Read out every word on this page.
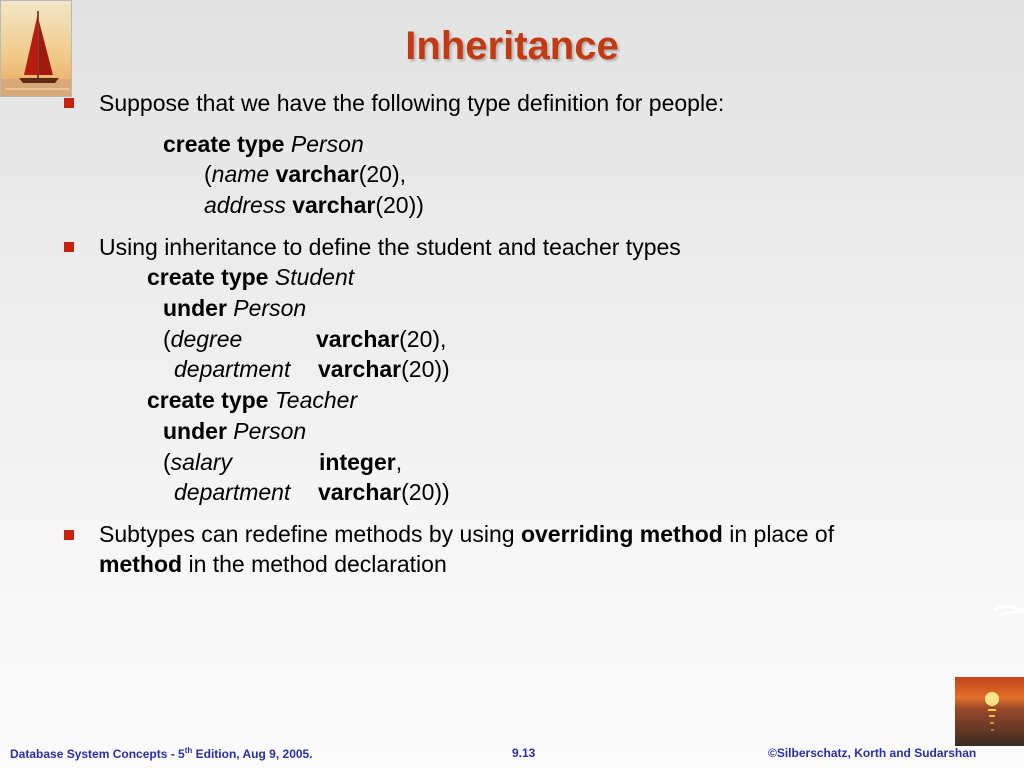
Inheritance
Suppose that we have the following type definition for people:
create type Person
(name varchar(20),
address varchar(20))
Using inheritance to define the student and teacher types
create type Student
under Person
(degree	varchar(20),
department varchar(20))
create type Teacher
under Person
(salary	integer,
department varchar(20))
Subtypes can redefine methods by using overriding method in place of
method in the method declaration
Database System Concepts - 5th Edition, Aug 9, 2005.	9.13	©Silberschatz, Korth and Sudarshan
